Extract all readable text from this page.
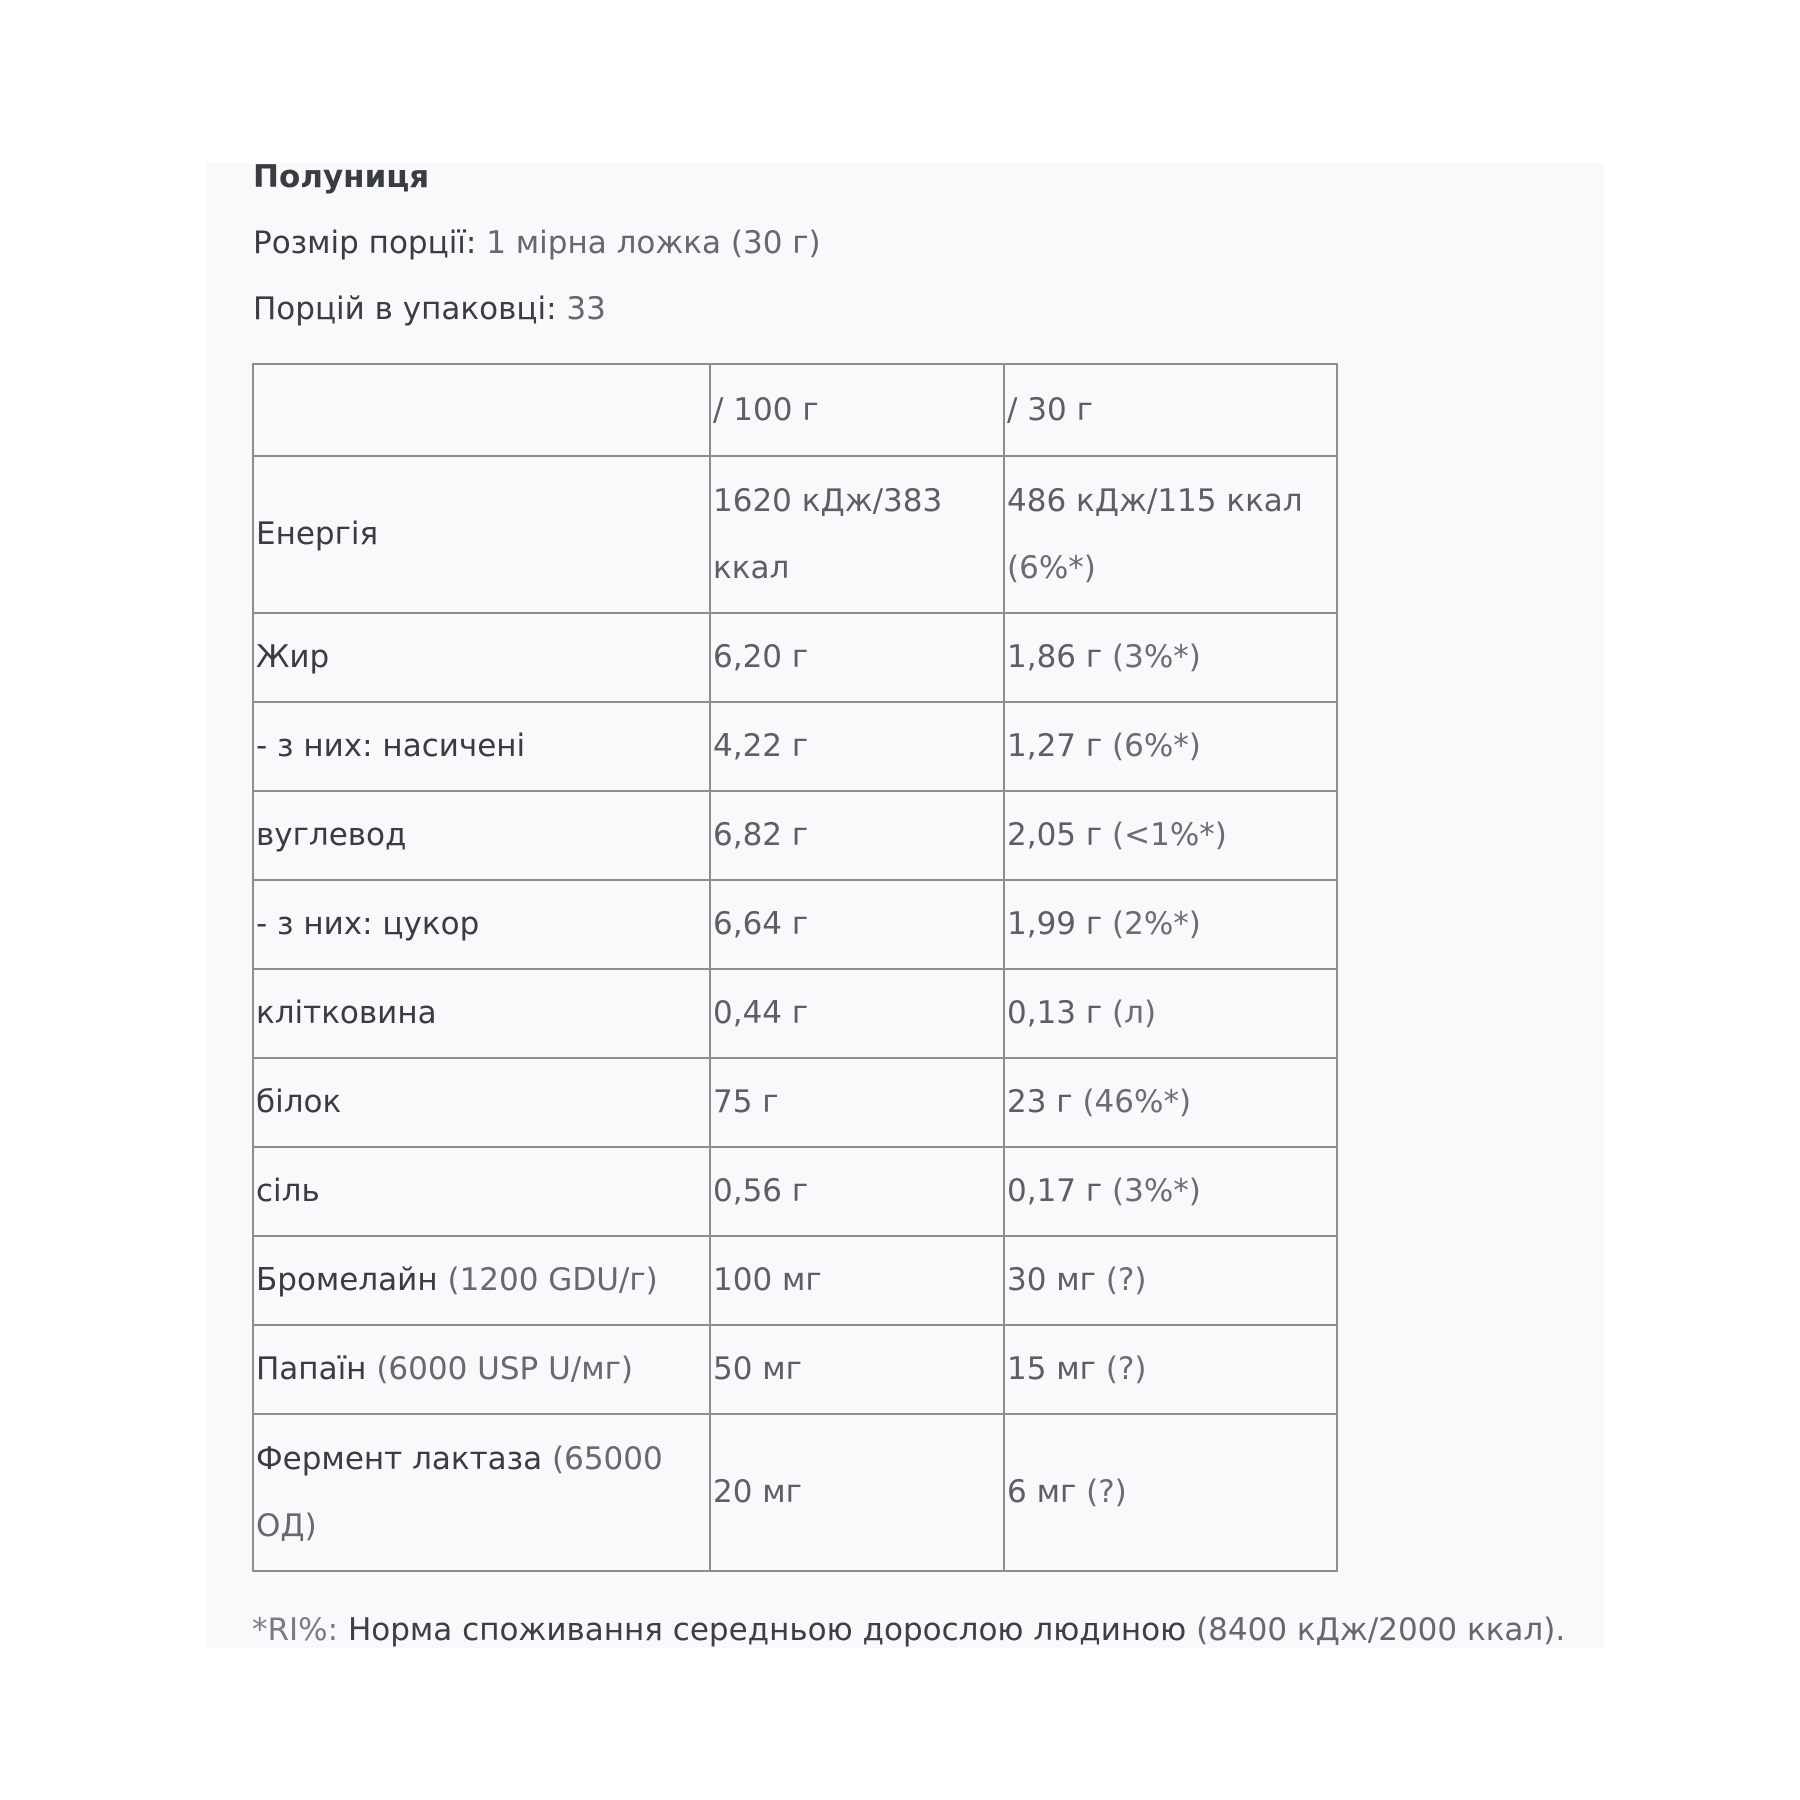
Полуниця
Розмір порції: 1 мірна ложка (30 г)
Порцій в упаковці: 33
	/ 100 г	/ 30 г
Енергія	1620 кДж/383 ккал	486 кДж/115 ккал (6%*)
Жир	6,20 г	1,86 г (3%*)
- з них: насичені	4,22 г	1,27 г (6%*)
вуглевод	6,82 г	2,05 г (<1%*)
- з них: цукор	6,64 г	1,99 г (2%*)
клітковина	0,44 г	0,13 г (л)
білок	75 г	23 г (46%*)
сіль	0,56 г	0,17 г (3%*)
Бромелайн (1200 GDU/г)	100 мг	30 мг (?)
Папаїн (6000 USP U/мг)	50 мг	15 мг (?)
Фермент лактаза (65000 ОД)	20 мг	6 мг (?)
*RI%: Норма споживання середньою дорослою людиною (8400 кДж/2000 ккал).
